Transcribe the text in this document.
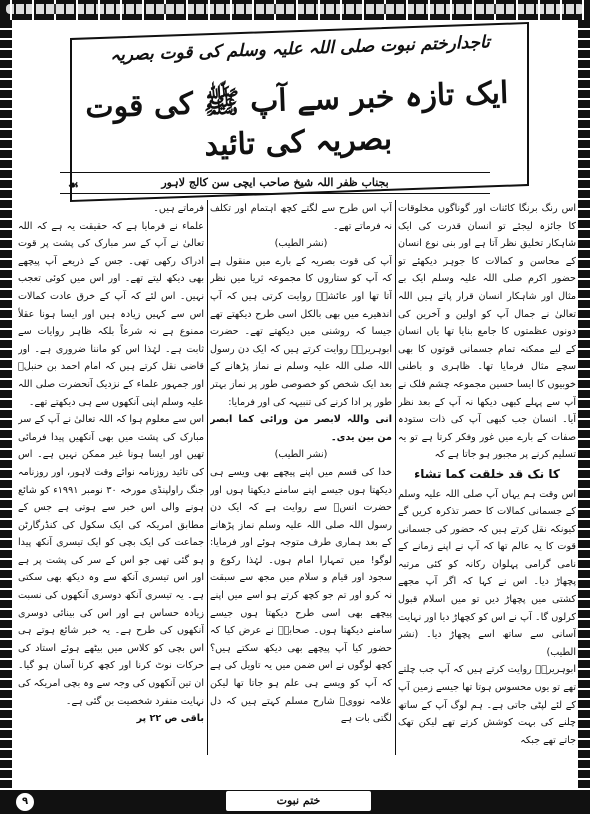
تاجدارختم نبوت صلی اللہ علیہ وسلم کی قوت بصریہ
ایک تازہ خبر سے آپ ﷺ کی قوت بصریہ کی تائید
بجناب ظفر اللہ شیخ صاحب ایچی سن کالج لاہور
☙

اس رنگ برنگا کائنات اور گوناگوں مخلوقات کا جائزہ لیجئے تو انسان قدرت کی ایک شاہکار تخلیق نظر آتا ہے اور بنی نوع انسان کے محاسن و کمالات کا جوہر دیکھئے تو حضور اکرم صلی اللہ علیہ وسلم ایک بے مثال اور شاہکار انسان قرار پاتے ہیں اللہ تعالیٰ نے جمال آپ کو اولین و آخرین کی دونوں عظمتوں کا جامع بنایا تھا یاں انسان کے لیے ممکنہ تمام جسمانی قوتوں کا بھی سچے مثال فرمایا تھا۔ ظاہری و باطنی خوبیوں کا ایسا حسین مجموعہ چشم فلک نے آپ سے پہلے کبھی دیکھا نہ آپ کے بعد نظر آیا۔ انسان جب کبھی آپ کی ذات ستودہ صفات کے بارے میں غور وفکر کرتا ہے تو یہ تسلیم کرنے پر مجبور ہو جاتا ہے کہ

کا نک قد خلقت کما تشاء

اس وقت ہم یہاں آپ صلی اللہ علیہ وسلم کے جسمانی کمالات کا حصر تذکرہ کریں گے کیونکہ نقل کرتے ہیں کہ حضور کی جسمانی قوت کا یہ عالم تھا کہ آپ نے اپنے زمانے کے نامی گرامی پہلوان رکانہ کو کئی مرتبہ پچھاڑ دیا۔ اس نے کہا کہ اگر آپ مجھے کشتی میں پچھاڑ دیں تو میں اسلام قبول کرلوں گا۔ آپ نے اس کو کچھاڑ دیا اور نہایت آسانی سے ساتھ اسے پچھاڑ دیا۔ (نشر الطیب)

ابوہریرہؓ روایت کرتے ہیں کہ آپ جب چلتے تھے تو یوں محسوس ہوتا تھا جیسے زمین آپ کے لئے لپٹی جاتی ہے۔ ہم لوگ آپ کے ساتھ چلنے کی بہت کوشش کرتے تھے لیکن تھک جاتے تھے جبکہ

آپ اس طرح سے لگتے کچھ اہتمام اور تکلف نہ فرماتے تھے۔

(نشر الطیب)

آپ کی قوت بصریہ کے بارے میں منقول ہے کہ آپ کو ستاروں کا مجموعہ ثریا میں نظر آتا تھا اور عائشہؓ روایت کرتی ہیں کہ آپ اندھیرے میں بھی بالکل اسی طرح دیکھتے تھے جیسا کہ روشنی میں دیکھتے تھے۔ حضرت ابوہریرہؓ روایت کرتے ہیں کہ ایک دن رسول اللہ صلی اللہ علیہ وسلم نے نماز پڑھانے کے بعد ایک شخص کو خصوصی طور پر نماز بہتر طور پر ادا کرنے کی تنبیہہ کی اور فرمایا:

انی واللہ لابصر من ورائی کما ابصر من بین یدی۔

(نشر الطیب)

خدا کی قسم میں اپنے پیچھے بھی ویسے ہی دیکھتا ہوں جیسے اپنے سامنے دیکھتا ہوں اور حضرت انسؓ سے روایت ہے کہ ایک دن رسول اللہ صلی اللہ علیہ وسلم نماز پڑھانے کے بعد ہماری طرف متوجہ ہوئے اور فرمایا: لوگو! میں تمہارا امام ہوں۔ لہٰذا رکوع و سجود اور قیام و سلام میں مجھ سے سبقت نہ کرو اور تم جو کچھ کرتے ہو اسے میں اپنے پیچھے بھی اسی طرح دیکھتا ہوں جیسے سامنے دیکھتا ہوں۔ صحابہؓ نے عرض کیا کہ حضور کیا آپ پیچھے بھی دیکھ سکتے ہیں؟ کچھ لوگوں نے اس ضمن میں یہ تاویل کی ہے کہ آپ کو ویسے ہی علم ہو جاتا تھا لیکن علامہ نوویؒ شارح مسلم کہتے ہیں کہ دل لگتی بات ہے

فرماتے ہیں۔

علماء نے فرمایا ہے کہ حقیقت یہ ہے کہ اللہ تعالیٰ نے آپ کے سر مبارک کی پشت پر قوت ادراک رکھی تھی۔ جس کے ذریعے آپ پیچھے بھی دیکھ لیتے تھے۔ اور اس میں کوئی تعجب نہیں۔ اس لئے کہ آپ کے خرق عادت کمالات اس سے کہیں زیادہ ہیں اور ایسا ہونا عقلاً ممنوع ہے نہ شرعاً بلکہ ظاہر روایات سے ثابت ہے۔ لہٰذا اس کو ماننا ضروری ہے۔ اور قاضی نقل کرتے ہیں کہ امام احمد بن حنبلؒ اور جمہور علماء کے نزدیک آنحضرت صلی اللہ علیہ وسلم اپنی آنکھوں سے ہی دیکھتے تھے۔

اس سے معلوم ہوا کہ اللہ تعالیٰ نے آپ کے سر مبارک کی پشت میں بھی آنکھیں پیدا فرمائی تھیں اور ایسا ہونا غیر ممکن نہیں ہے۔ اس کی تائید روزنامہ نوائے وقت لاہور، اور روزنامہ جنگ راولپنڈی مورخہ ۳۰ نومبر ۱۹۹۱ء کو شائع ہونے والی اس خبر سے ہوتی ہے جس کے مطابق امریکہ کی ایک سکول کی کنڈرگارٹن جماعت کی ایک بچی کو ایک تیسری آنکھ پیدا ہو گئی تھی جو اس کے سر کی پشت پر ہے اور اس تیسری آنکھ سے وہ دیکھ بھی سکتی ہے۔ یہ تیسری آنکھ دوسری آنکھوں کی نسبت زیادہ حساس ہے اور اس کی بینائی دوسری آنکھوں کی طرح ہے۔ یہ خبر شائع ہوتے ہی اس بچی کو کلاس میں بیٹھے ہوئے استاد کی حرکات نوٹ کرنا اور کچھ کرنا آسان ہو گیا۔ ان تین آنکھوں کی وجہ سے وہ بچی امریکہ کی نہایت منفرد شخصیت بن گئی ہے۔

باقی ص ۲۲ پر
ختم نبوت
۹
